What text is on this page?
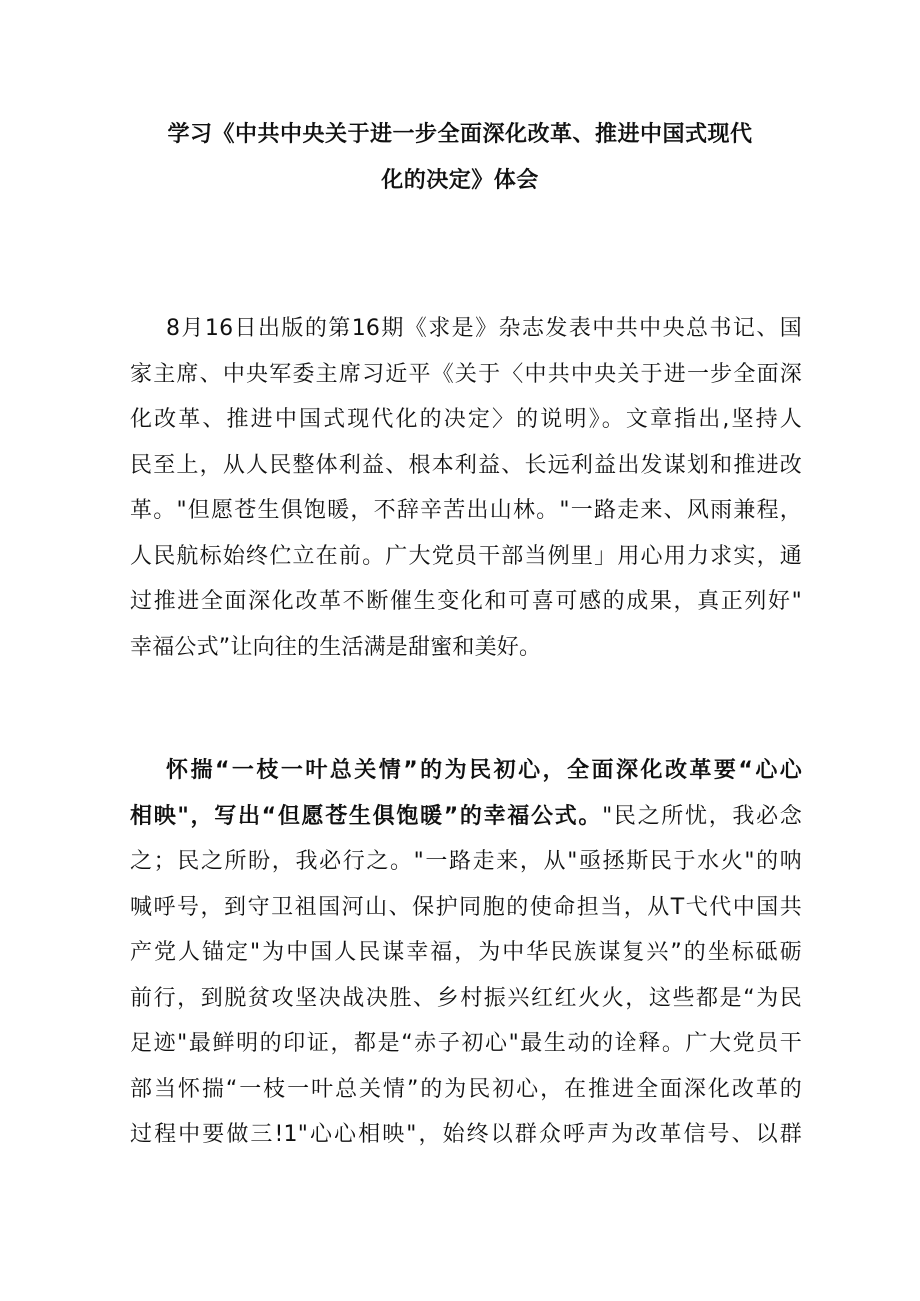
学习《中共中央关于进一步全面深化改革、推进中国式现代
化的决定》体会
8月16日出版的第16期《求是》杂志发表中共中央总书记、国
家主席、中央军委主席习近平《关于〈中共中央关于进一步全面深
化改革、推进中国式现代化的决定〉的说明》。文章指出,坚持人
民至上，从人民整体利益、根本利益、长远利益出发谋划和推进改
革。"但愿苍生俱饱暖，不辞辛苦出山林。"一路走来、风雨兼程，
人民航标始终伫立在前。广大党员干部当例里」用心用力求实，通
过推进全面深化改革不断催生变化和可喜可感的成果，真正列好"
幸福公式”让向往的生活满是甜蜜和美好。
怀揣“一枝一叶总关情”的为民初心，全面深化改革要“心心
相映"，写出“但愿苍生俱饱暖”的幸福公式。"民之所忧，我必念
之；民之所盼，我必行之。"一路走来，从"亟拯斯民于水火"的呐
喊呼号，到守卫祖国河山、保护同胞的使命担当，从T弋代中国共
产党人锚定"为中国人民谋幸福，为中华民族谋复兴”的坐标砥砺
前行，到脱贫攻坚决战决胜、乡村振兴红红火火，这些都是“为民
足迹"最鲜明的印证，都是“赤子初心"最生动的诠释。广大党员干
部当怀揣“一枝一叶总关情”的为民初心，在推进全面深化改革的
过程中要做三!1"心心相映"，始终以群众呼声为改革信号、以群
